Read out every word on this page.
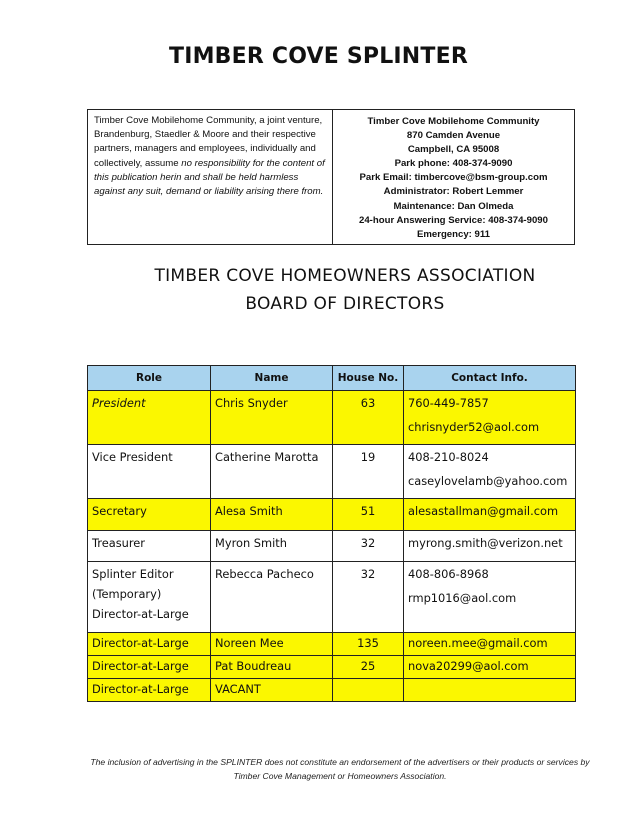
TIMBER COVE SPLINTER
Timber Cove Mobilehome Community, a joint venture, Brandenburg, Staedler & Moore and their respective partners, managers and employees, individually and collectively, assume no responsibility for the content of this publication herin and shall be held harmless against any suit, demand or liability arising there from.
Timber Cove Mobilehome Community
870 Camden Avenue
Campbell, CA 95008
Park phone: 408-374-9090
Park Email: timbercove@bsm-group.com
Administrator: Robert Lemmer
Maintenance: Dan Olmeda
24-hour Answering Service: 408-374-9090
Emergency: 911
TIMBER COVE HOMEOWNERS ASSOCIATION
BOARD OF DIRECTORS
Role	Name	House No.	Contact Info.

President	Chris Snyder	63	760-449-7857
chrisnyder52@aol.com

Vice President	Catherine Marotta	19	408-210-8024
caseylovelamb@yahoo.com

Secretary	Alesa Smith	51	alesastallman@gmail.com

Treasurer	Myron Smith	32	myrong.smith@verizon.net

Splinter Editor
(Temporary)
Director-at-Large	Rebecca Pacheco	32	408-806-8968
rmp1016@aol.com

Director-at-Large	Noreen Mee	135	noreen.mee@gmail.com

Director-at-Large	Pat Boudreau	25	nova20299@aol.com

Director-at-Large	VACANT		

The inclusion of advertising in the SPLINTER does not constitute an endorsement of the advertisers or their products or services by Timber Cove Management or Homeowners Association.
